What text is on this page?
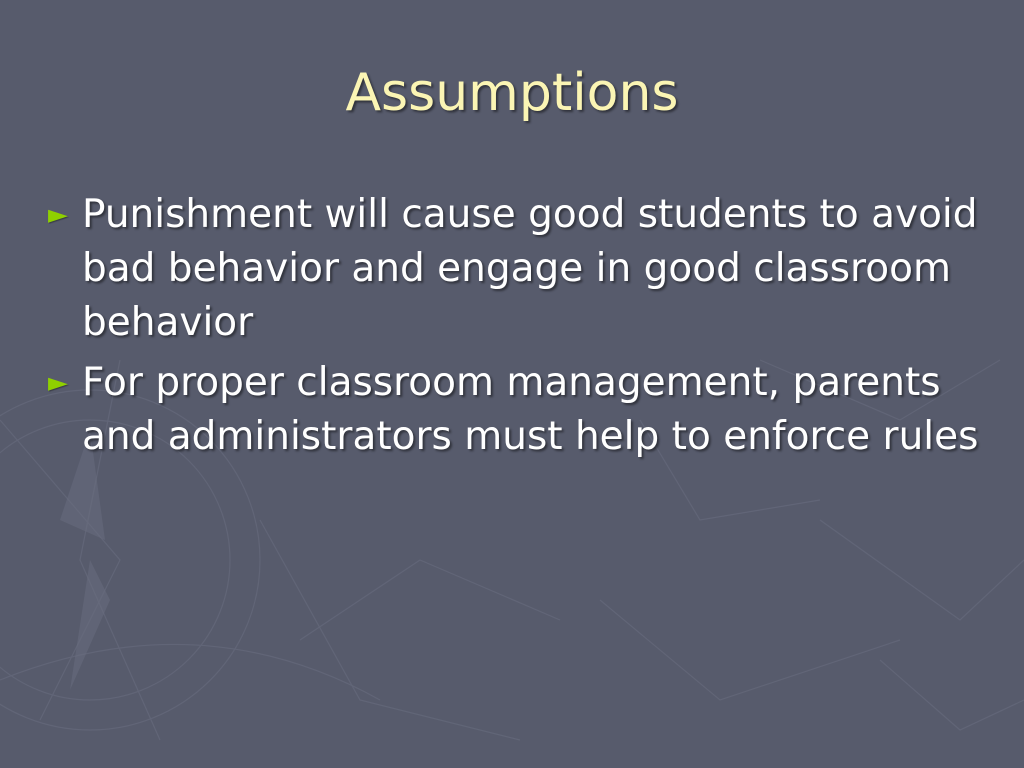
Assumptions
► Punishment will cause good students to avoid bad behavior and engage in good classroom behavior
► For proper classroom management, parents and administrators must help to enforce rules
